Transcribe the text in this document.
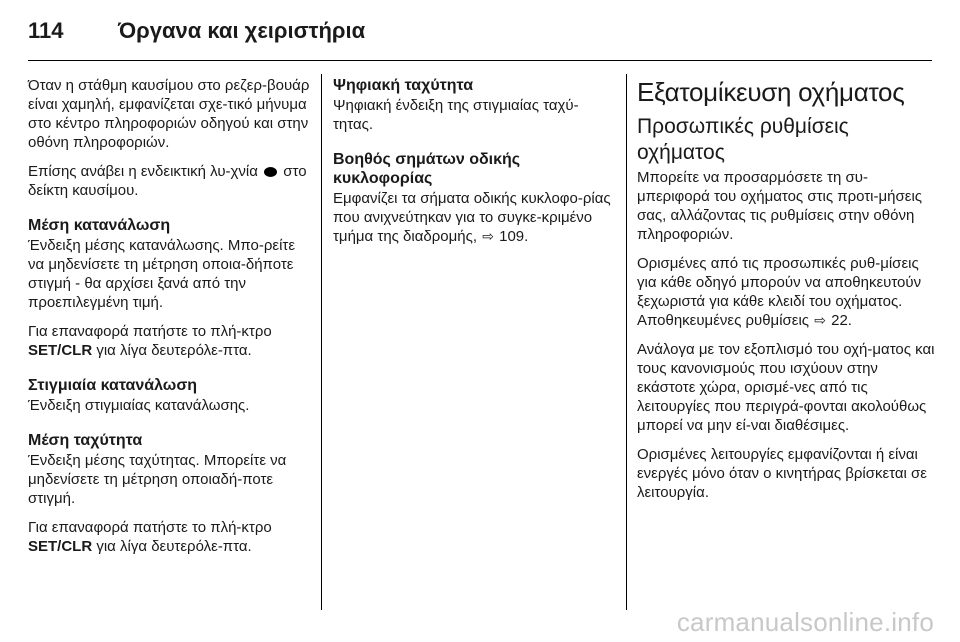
114	Όργανα και χειριστήρια

Όταν η στάθμη καυσίμου στο ρεζερ‐βουάρ είναι χαμηλή, εμφανίζεται σχε‐τικό μήνυμα στο κέντρο πληροφοριών οδηγού και στην οθόνη πληροφοριών.

Επίσης ανάβει η ενδεικτική λυ‐χνία στο δείκτη καυσίμου.

Μέση κατανάλωση

Ένδειξη μέσης κατανάλωσης. Μπο‐ρείτε να μηδενίσετε τη μέτρηση οποια‐δήποτε στιγμή - θα αρχίσει ξανά από την προεπιλεγμένη τιμή.

Για επαναφορά πατήστε το πλή‐κτρο SET/CLR για λίγα δευτερόλε‐πτα.

Στιγμιαία κατανάλωση

Ένδειξη στιγμιαίας κατανάλωσης.

Μέση ταχύτητα

Ένδειξη μέσης ταχύτητας. Μπορείτε να μηδενίσετε τη μέτρηση οποιαδή‐ποτε στιγμή.

Για επαναφορά πατήστε το πλή‐κτρο SET/CLR για λίγα δευτερόλε‐πτα.

Ψηφιακή ταχύτητα

Ψηφιακή ένδειξη της στιγμιαίας ταχύ‐τητας.

Βοηθός σημάτων οδικής κυκλοφορίας

Εμφανίζει τα σήματα οδικής κυκλοφο‐ρίας που ανιχνεύτηκαν για το συγκε‐κριμένο τμήμα της διαδρομής, ⇨ 109.

Εξατομίκευση οχήματος
Προσωπικές ρυθμίσεις οχήματος

Μπορείτε να προσαρμόσετε τη συ‐μπεριφορά του οχήματος στις προτι‐μήσεις σας, αλλάζοντας τις ρυθμίσεις στην οθόνη πληροφοριών.

Ορισμένες από τις προσωπικές ρυθ‐μίσεις για κάθε οδηγό μπορούν να αποθηκευτούν ξεχωριστά για κάθε κλειδί του οχήματος. Αποθηκευμένες ρυθμίσεις ⇨ 22.

Ανάλογα με τον εξοπλισμό του οχή‐ματος και τους κανονισμούς που ισχύουν στην εκάστοτε χώρα, ορισμέ‐νες από τις λειτουργίες που περιγρά‐φονται ακολούθως μπορεί να μην εί‐ναι διαθέσιμες.

Ορισμένες λειτουργίες εμφανίζονται ή είναι ενεργές μόνο όταν ο κινητήρας βρίσκεται σε λειτουργία.

carmanualsonline.info
